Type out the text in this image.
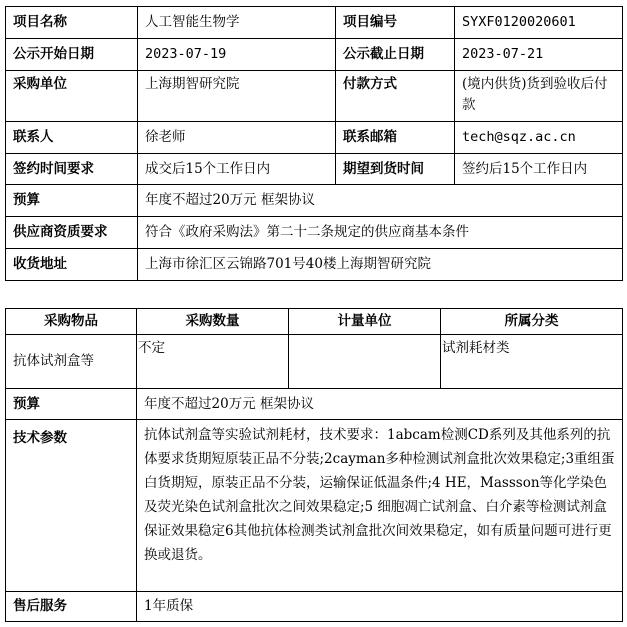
项目名称	人工智能生物学	项目编号	SYXF0120020601
公示开始日期	2023-07-19	公示截止日期	2023-07-21
采购单位	上海期智研究院	付款方式	(境内供货)货到验收后付款
联系人	徐老师	联系邮箱	tech@sqz.ac.cn
签约时间要求	成交后15个工作日内	期望到货时间	签约后15个工作日内
预算	年度不超过20万元 框架协议		
供应商资质要求	符合《政府采购法》第二十二条规定的供应商基本条件		
收货地址	上海市徐汇区云锦路701号40楼上海期智研究院		
采购物品	采购数量	计量单位	所属分类
抗体试剂盒等	不定		试剂耗材类
预算	年度不超过20万元 框架协议		
技术参数	抗体试剂盒等实验试剂耗材，技术要求：1abcam检测CD系列及其他系列的抗体要求货期短原装正品不分装;2cayman多种检测试剂盒批次效果稳定;3重组蛋白货期短，原装正品不分装，运输保证低温条件;4 HE，Massson等化学染色及荧光染色试剂盒批次之间效果稳定;5 细胞凋亡试剂盒、白介素等检测试剂盒保证效果稳定6其他抗体检测类试剂盒批次间效果稳定，如有质量问题可进行更换或退货。		
售后服务	1年质保		
